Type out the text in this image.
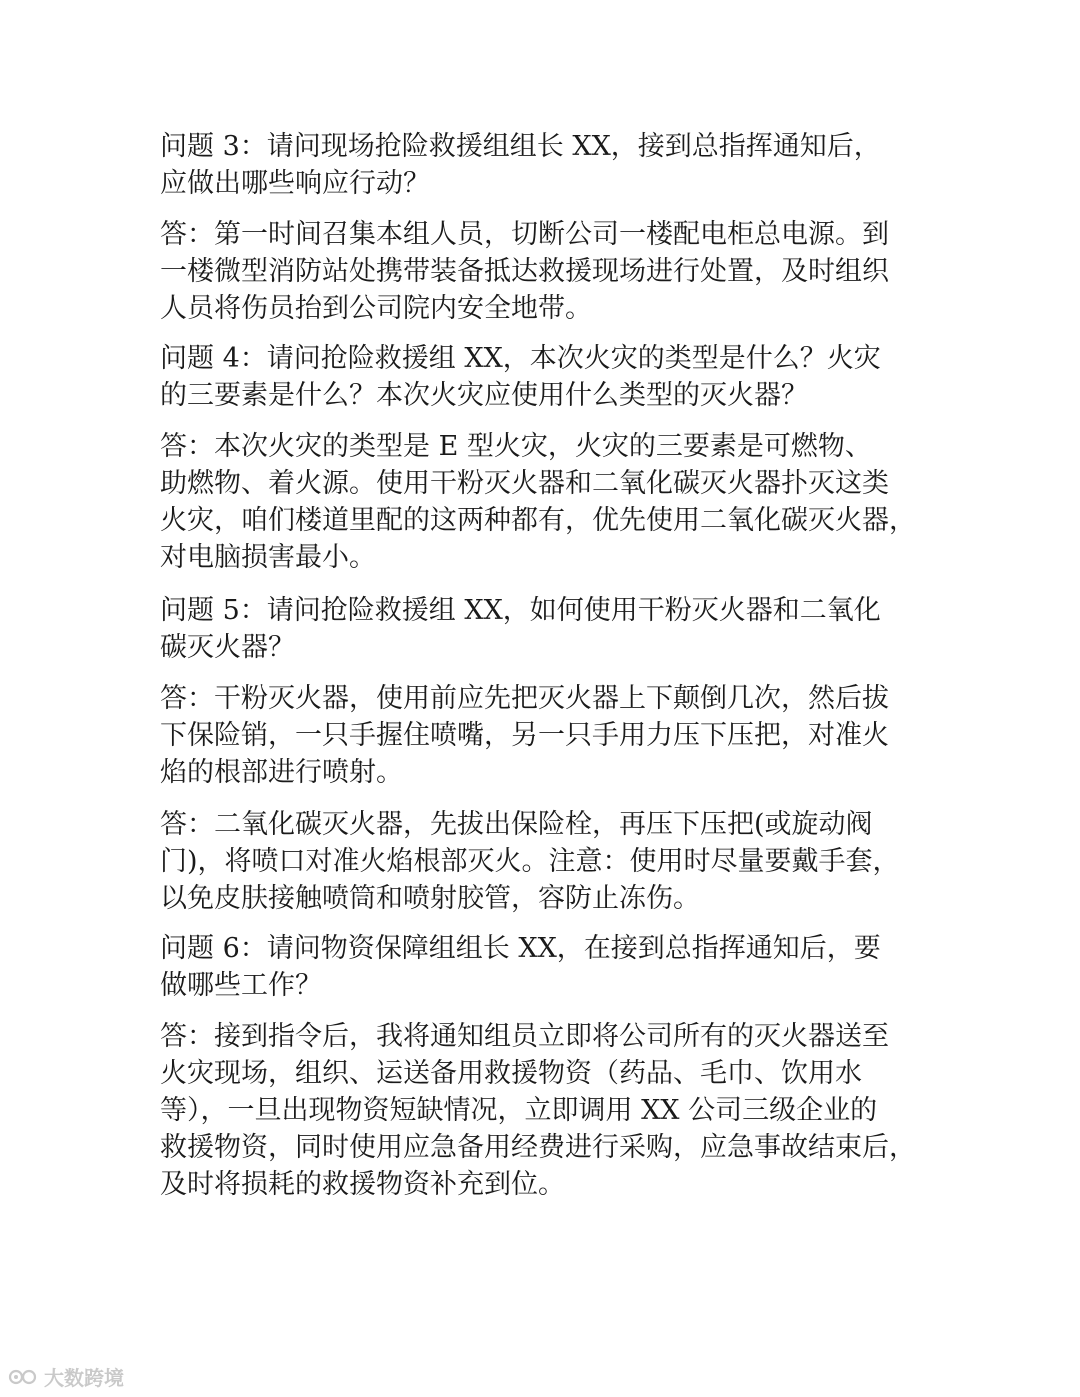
问题 3：请问现场抢险救援组组长 XX，接到总指挥通知后，
应做出哪些响应行动？

答：第一时间召集本组人员，切断公司一楼配电柜总电源。到
一楼微型消防站处携带装备抵达救援现场进行处置，及时组织
人员将伤员抬到公司院内安全地带。

问题 4：请问抢险救援组 XX，本次火灾的类型是什么？火灾
的三要素是什么？本次火灾应使用什么类型的灭火器？

答：本次火灾的类型是 E 型火灾，火灾的三要素是可燃物、
助燃物、着火源。使用干粉灭火器和二氧化碳灭火器扑灭这类
火灾，咱们楼道里配的这两种都有，优先使用二氧化碳灭火器，
对电脑损害最小。

问题 5：请问抢险救援组 XX，如何使用干粉灭火器和二氧化
碳灭火器？

答：干粉灭火器，使用前应先把灭火器上下颠倒几次，然后拔
下保险销，一只手握住喷嘴，另一只手用力压下压把，对准火
焰的根部进行喷射。

答：二氧化碳灭火器，先拔出保险栓，再压下压把(或旋动阀
门)，将喷口对准火焰根部灭火。注意：使用时尽量要戴手套，
以免皮肤接触喷筒和喷射胶管，容防止冻伤。

问题 6：请问物资保障组组长 XX，在接到总指挥通知后，要
做哪些工作？

答：接到指令后，我将通知组员立即将公司所有的灭火器送至
火灾现场，组织、运送备用救援物资（药品、毛巾、饮用水
等），一旦出现物资短缺情况，立即调用 XX 公司三级企业的
救援物资，同时使用应急备用经费进行采购，应急事故结束后，
及时将损耗的救援物资补充到位。

大数跨境
